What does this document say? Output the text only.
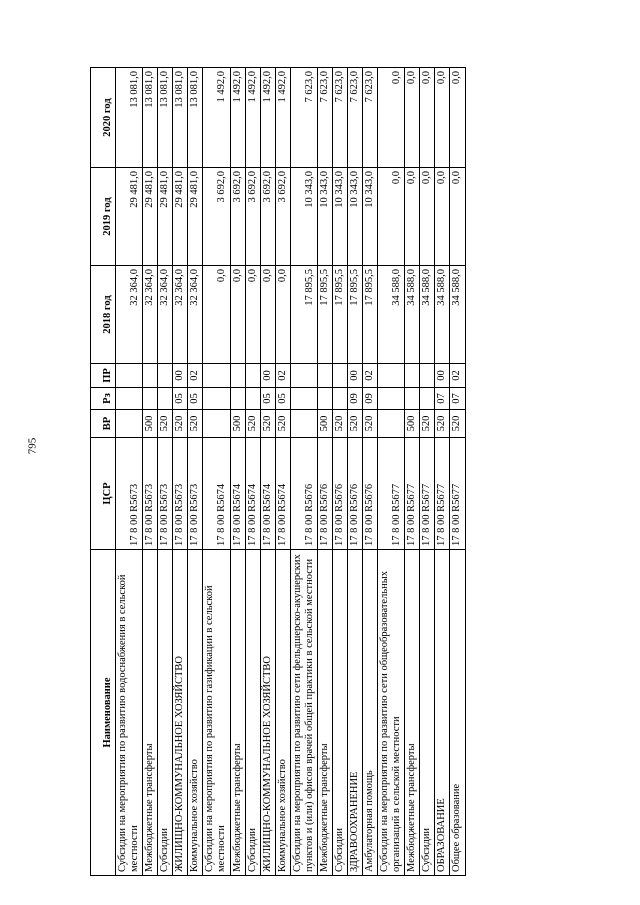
795
Наименование	ЦСР	ВР	Рз	ПР	2018 год	2019 год	2020 год
Субсидии на мероприятия по развитию водоснабжения в сельской местности	17 8 00 R5673				32 364,0	29 481,0	13 081,0
Межбюджетные трансферты	17 8 00 R5673	500			32 364,0	29 481,0	13 081,0
Субсидии	17 8 00 R5673	520			32 364,0	29 481,0	13 081,0
ЖИЛИЩНО-КОММУНАЛЬНОЕ ХОЗЯЙСТВО	17 8 00 R5673	520	05	00	32 364,0	29 481,0	13 081,0
Коммунальное хозяйство	17 8 00 R5673	520	05	02	32 364,0	29 481,0	13 081,0
Субсидии на мероприятия по развитию газификации в сельской местности	17 8 00 R5674				0,0	3 692,0	1 492,0
Межбюджетные трансферты	17 8 00 R5674	500			0,0	3 692,0	1 492,0
Субсидии	17 8 00 R5674	520			0,0	3 692,0	1 492,0
ЖИЛИЩНО-КОММУНАЛЬНОЕ ХОЗЯЙСТВО	17 8 00 R5674	520	05	00	0,0	3 692,0	1 492,0
Коммунальное хозяйство	17 8 00 R5674	520	05	02	0,0	3 692,0	1 492,0
Субсидии на мероприятия по развитию сети фельдшерско-акушерских пунктов и (или) офисов врачей общей практики в сельской местности	17 8 00 R5676				17 895,5	10 343,0	7 623,0
Межбюджетные трансферты	17 8 00 R5676	500			17 895,5	10 343,0	7 623,0
Субсидии	17 8 00 R5676	520			17 895,5	10 343,0	7 623,0
ЗДРАВООХРАНЕНИЕ	17 8 00 R5676	520	09	00	17 895,5	10 343,0	7 623,0
Амбулаторная помощь	17 8 00 R5676	520	09	02	17 895,5	10 343,0	7 623,0
Субсидии на мероприятия по развитию сети общеобразовательных организаций в сельской местности	17 8 00 R5677				34 588,0	0,0	0,0
Межбюджетные трансферты	17 8 00 R5677	500			34 588,0	0,0	0,0
Субсидии	17 8 00 R5677	520			34 588,0	0,0	0,0
ОБРАЗОВАНИЕ	17 8 00 R5677	520	07	00	34 588,0	0,0	0,0
Общее образование	17 8 00 R5677	520	07	02	34 588,0	0,0	0,0
